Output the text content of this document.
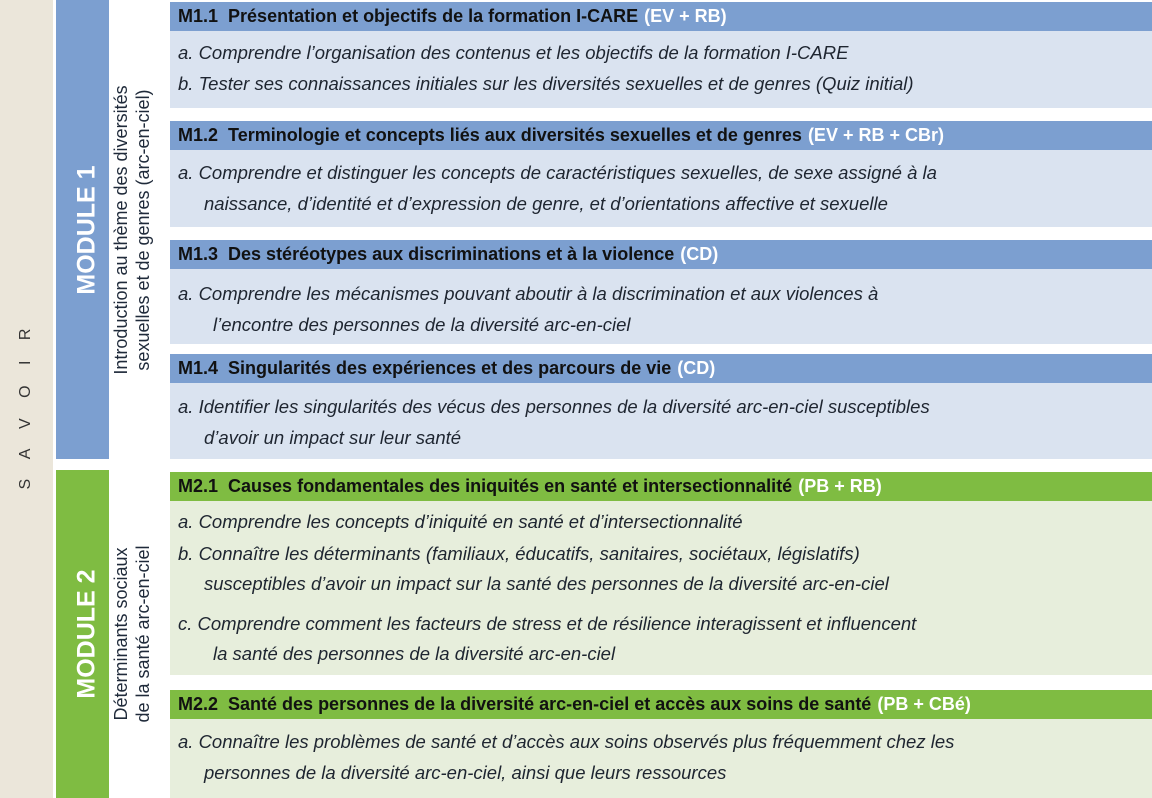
S A V O I R
MODULE 1 Introduction au thème des diversités sexuelles et de genres (arc-en-ciel)
MODULE 2 Déterminants sociaux de la santé arc-en-ciel
M1.1 Présentation et objectifs de la formation I-CARE (EV + RB)
a. Comprendre l’organisation des contenus et les objectifs de la formation I-CARE
b. Tester ses connaissances initiales sur les diversités sexuelles et de genres (Quiz initial)
M1.2 Terminologie et concepts liés aux diversités sexuelles et de genres (EV + RB + CBr)
a. Comprendre et distinguer les concepts de caractéristiques sexuelles, de sexe assigné à la
naissance, d’identité et d’expression de genre, et d’orientations affective et sexuelle
M1.3 Des stéréotypes aux discriminations et à la violence (CD)
a. Comprendre les mécanismes pouvant aboutir à la discrimination et aux violences à
l’encontre des personnes de la diversité arc-en-ciel
M1.4 Singularités des expériences et des parcours de vie (CD)
a. Identifier les singularités des vécus des personnes de la diversité arc-en-ciel susceptibles
d’avoir un impact sur leur santé
M2.1 Causes fondamentales des iniquités en santé et intersectionnalité (PB + RB)
a. Comprendre les concepts d’iniquité en santé et d’intersectionnalité
b. Connaître les déterminants (familiaux, éducatifs, sanitaires, sociétaux, législatifs)
susceptibles d’avoir un impact sur la santé des personnes de la diversité arc-en-ciel
c. Comprendre comment les facteurs de stress et de résilience interagissent et influencent
la santé des personnes de la diversité arc-en-ciel
M2.2 Santé des personnes de la diversité arc-en-ciel et accès aux soins de santé (PB + CBé)
a. Connaître les problèmes de santé et d’accès aux soins observés plus fréquemment chez les
personnes de la diversité arc-en-ciel, ainsi que leurs ressources
